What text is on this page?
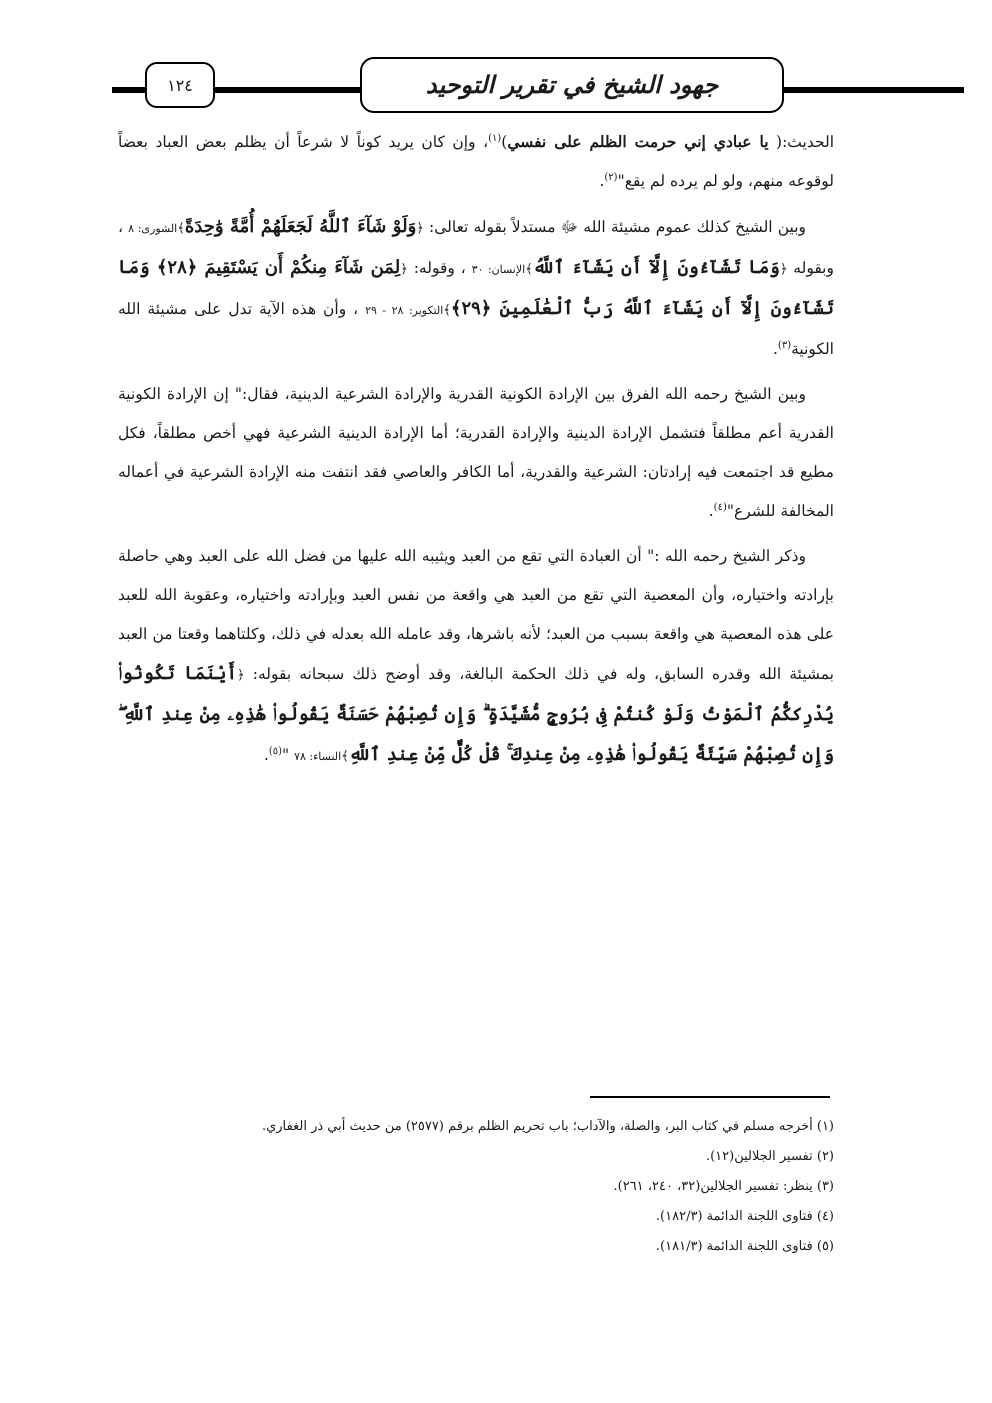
جهود الشيخ في تقرير التوحيد
١٢٤

الحديث:( يا عبادي إني حرمت الظلم على نفسي)$^{(١)}$، وإن كان يريد كوناً لا شرعاً أن يظلم بعض العباد بعضاً لوقوعه منهم، ولو لم يرده لم يقع"$^{(٢)}$.

وبين الشيخ كذلك عموم مشيئة الله ﷻ مستدلاً بقوله تعالى: ﴿وَلَوْ شَآءَ ٱللَّهُ لَجَعَلَهُمْ أُمَّةً وَٰحِدَةً﴾الشورى: ٨ ، وبقوله ﴿وَمَا تَشَآءُونَ إِلَّآ أَن يَشَآءَ ٱللَّهُ﴾الإنسان: ٣٠ ، وقوله: ﴿لِمَن شَآءَ مِنكُمْ أَن يَسْتَقِيمَ ﴿٢٨﴾ وَمَا تَشَآءُونَ إِلَّآ أَن يَشَآءَ ٱللَّهُ رَبُّ ٱلْعَٰلَمِينَ ﴿٢٩﴾﴾التكوير: ٢٨ - ٢٩ ، وأن هذه الآية تدل على مشيئة الله الكونية$^{(٣)}$.

وبين الشيخ رحمه الله الفرق بين الإرادة الكونية القدرية والإرادة الشرعية الدينية، فقال:" إن الإرادة الكونية القدرية أعم مطلقاً فتشمل الإرادة الدينية والإرادة القدرية؛ أما الإرادة الدينية الشرعية فهي أخص مطلقاً، فكل مطيع قد اجتمعت فيه إرادتان: الشرعية والقدرية، أما الكافر والعاصي فقد انتفت منه الإرادة الشرعية في أعماله المخالفة للشرع"$^{(٤)}$.

وذكر الشيخ رحمه الله :" أن العبادة التي تقع من العبد ويثيبه الله عليها من فضل الله على العبد وهي حاصلة بإرادته واختياره، وأن المعصية التي تقع من العبد هي واقعة من نفس العبد وبإرادته واختياره، وعقوبة الله للعبد على هذه المعصية هي واقعة بسبب من العبد؛ لأنه باشرها، وقد عامله الله بعدله في ذلك، وكلتاهما وقعتا من العبد بمشيئة الله وقدره السابق، وله في ذلك الحكمة البالغة، وقد أوضح ذلك سبحانه بقوله: ﴿أَيْنَمَا تَكُونُوا۟ يُدْرِككُّمُ ٱلْمَوْتُ وَلَوْ كُنتُمْ فِى بُرُوجٍ مُّشَيَّدَةٍ ۗ وَإِن تُصِبْهُمْ حَسَنَةٌ يَقُولُوا۟ هَٰذِهِۦ مِنْ عِندِ ٱللَّهِ ۖ وَإِن تُصِبْهُمْ سَيِّئَةٌ يَقُولُوا۟ هَٰذِهِۦ مِنْ عِندِكَ ۚ قُلْ كُلٌّ مِّنْ عِندِ ٱللَّهِ﴾النساء: ٧٨ "$^{(٥)}$.

(١) أخرجه مسلم في كتاب البر، والصلة، والآداب؛ باب تحريم الظلم برقم (٢٥٧٧) من حديث أبي ذر الغفاري.
(٢) تفسير الجلالين(١٢).
(٣) ينظر: تفسير الجلالين(٣٢، ٢٤٠، ٢٦١).
(٤) فتاوى اللجنة الدائمة (١٨٢/٣).
(٥) فتاوى اللجنة الدائمة (١٨١/٣).
